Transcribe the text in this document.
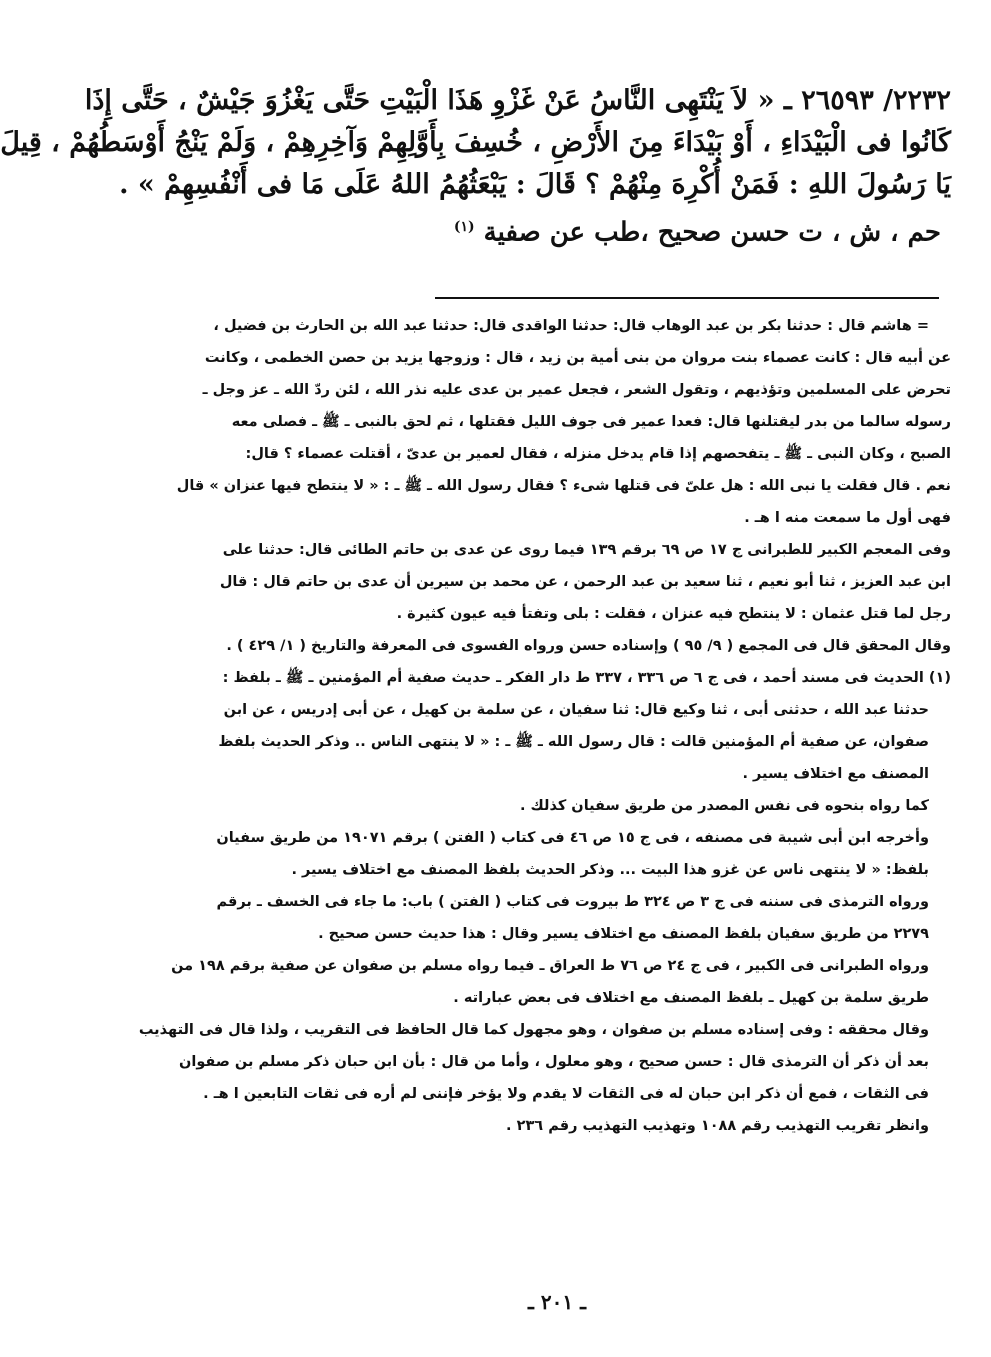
٢٢٣٢/ ٢٦٥٩٣ ـ « لاَ يَنْتَهِى النَّاسُ عَنْ غَزْوِ هَذَا الْبَيْتِ حَتَّى يَغْزُوَ جَيْشٌ ، حَتَّى إِذَا
كَانُوا فى الْبَيْدَاءِ ، أَوْ بَيْدَاءَ مِنَ الأَرْضِ ، خُسِفَ بِأَوَّلِهِمْ وَآخِرِهِمْ ، وَلَمْ يَنْجُ أَوْسَطُهُمْ ، قِيلَ
يَا رَسُولَ اللهِ : فَمَنْ أُكْرِهَ مِنْهُمْ ؟ قَالَ : يَبْعَثُهُمُ اللهُ عَلَى مَا فى أَنْفُسِهِمْ » .
حم ، ش ، ت حسن صحيح ،طب عن صفية $^{(١)}$
= هاشم قال : حدثنا بكر بن عبد الوهاب قال: حدثنا الواقدى قال: حدثنا عبد الله بن الحارث بن فضيل ،
عن أبيه قال : كانت عصماء بنت مروان من بنى أمية بن زيد ، قال : وزوجها يزيد بن حصن الخطمى ، وكانت
تحرض على المسلمين وتؤذيهم ، وتقول الشعر ، فجعل عمير بن عدى عليه نذر الله ، لئن ردّ الله ـ عز وجل ـ
رسوله سالما من بدر ليقتلنها قال: فعدا عمير فى جوف الليل فقتلها ، ثم لحق بالنبى ـ ﷺ ـ فصلى معه
الصبح ، وكان النبى ـ ﷺ ـ يتفحصهم إذا قام يدخل منزله ، فقال لعمير بن عدىّ ، أقتلت عصماء ؟ قال:
نعم . قال فقلت يا نبى الله : هل علىّ فى قتلها شىء ؟ فقال رسول الله ـ ﷺ ـ : « لا ينتطح فيها عنزان » قال
فهى أول ما سمعت منه ا هـ .
وفى المعجم الكبير للطبرانى ج ١٧ ص ٦٩ برقم ١٣٩ فيما روى عن عدى بن حاتم الطائى قال: حدثنا على
ابن عبد العزيز ، ثنا أبو نعيم ، ثنا سعيد بن عبد الرحمن ، عن محمد بن سيرين أن عدى بن حاتم قال : قال
رجل لما قتل عثمان : لا ينتطح فيه عنزان ، فقلت : بلى وتفتأ فيه عيون كثيرة .
وقال المحقق قال فى المجمع ( ٩/ ٩٥ ) وإسناده حسن ورواه الفسوى فى المعرفة والتاريخ ( ١/ ٤٢٩ ) .
(١) الحديث فى مسند أحمد ، فى ج ٦ ص ٣٣٦ ، ٣٣٧ ط دار الفكر ـ حديث صفية أم المؤمنين ـ ﷺ ـ بلفظ :
حدثنا عبد الله ، حدثنى أبى ، ثنا وكيع قال: ثنا سفيان ، عن سلمة بن كهيل ، عن أبى إدريس ، عن ابن
صفوان، عن صفية أم المؤمنين قالت : قال رسول الله ـ ﷺ ـ : « لا ينتهى الناس .. وذكر الحديث بلفظ
المصنف مع اختلاف يسير .
كما رواه بنحوه فى نفس المصدر من طريق سفيان كذلك .
وأخرجه ابن أبى شيبة فى مصنفه ، فى ج ١٥ ص ٤٦ فى كتاب ( الفتن ) برقم ١٩٠٧١ من طريق سفيان
بلفظ: « لا ينتهى ناس عن غزو هذا البيت ... وذكر الحديث بلفظ المصنف مع اختلاف يسير .
ورواه الترمذى فى سننه فى ج ٣ ص ٣٢٤ ط بيروت فى كتاب ( الفتن ) باب: ما جاء فى الخسف ـ برقم
٢٢٧٩ من طريق سفيان بلفظ المصنف مع اختلاف يسير وقال : هذا حديث حسن صحيح .
ورواه الطبرانى فى الكبير ، فى ج ٢٤ ص ٧٦ ط العراق ـ فيما رواه مسلم بن صفوان عن صفية برقم ١٩٨ من
طريق سلمة بن كهيل ـ بلفظ المصنف مع اختلاف فى بعض عباراته .
وقال محققه : وفى إسناده مسلم بن صفوان ، وهو مجهول كما قال الحافظ فى التقريب ، ولذا قال فى التهذيب
بعد أن ذكر أن الترمذى قال : حسن صحيح ، وهو معلول ، وأما من قال : بأن ابن حبان ذكر مسلم بن صفوان
فى الثقات ، فمع أن ذكر ابن حبان له فى الثقات لا يقدم ولا يؤخر فإننى لم أره فى ثقات التابعين ا هـ .
وانظر تقريب التهذيب رقم ١٠٨٨ وتهذيب التهذيب رقم ٢٣٦ .
ـ ٢٠١ ـ
